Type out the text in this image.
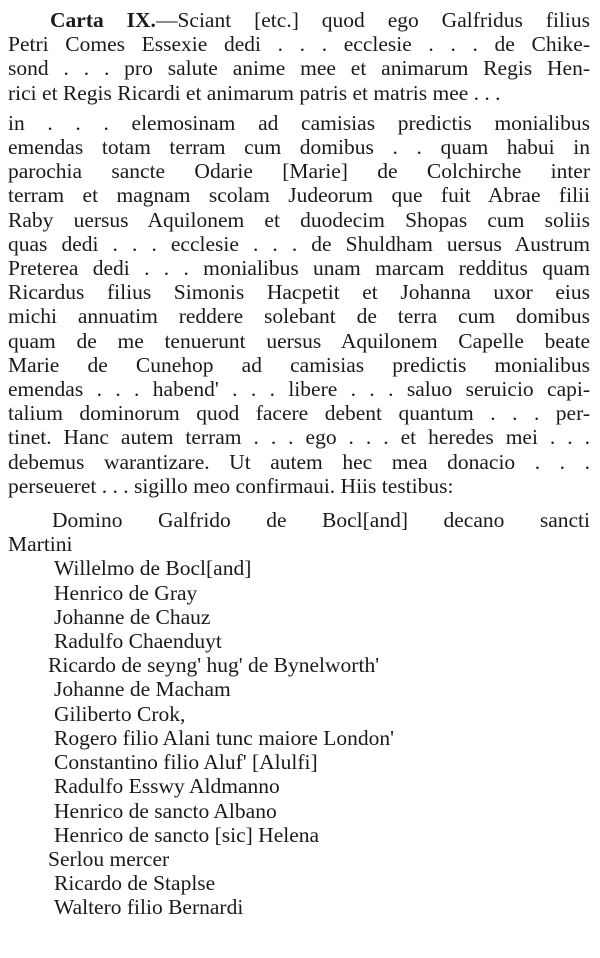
Carta IX.—Sciant [etc.] quod ego Galfridus filius
Petri Comes Essexie dedi . . . ecclesie . . . de Chike-
sond . . . pro salute anime mee et animarum Regis Hen-
rici et Regis Ricardi et animarum patris et matris mee . . .
in . . . elemosinam ad camisias predictis monialibus
emendas totam terram cum domibus . . quam habui in
parochia sancte Odarie [Marie] de Colchirche inter
terram et magnam scolam Judeorum que fuit Abrae filii
Raby uersus Aquilonem et duodecim Shopas cum soliis
quas dedi . . . ecclesie . . . de Shuldham uersus Austrum
Preterea dedi . . . monialibus unam marcam redditus quam
Ricardus filius Simonis Hacpetit et Johanna uxor eius
michi annuatim reddere solebant de terra cum domibus
quam de me tenuerunt uersus Aquilonem Capelle beate
Marie de Cunehop ad camisias predictis monialibus
emendas . . . habend' . . . libere . . . saluo seruicio capi-
talium dominorum quod facere debent quantum . . . per-
tinet. Hanc autem terram . . . ego . . . et heredes mei . . .
debemus warantizare. Ut autem hec mea donacio . . .
perseueret . . . sigillo meo confirmaui. Hiis testibus:
Domino Galfrido de Bocl[and] decano sancti
Martini
Willelmo de Bocl[and]
Henrico de Gray
Johanne de Chauz
Radulfo Chaenduyt
Ricardo de seyng' hug' de Bynelworth'
Johanne de Macham
Giliberto Crok,
Rogero filio Alani tunc maiore London'
Constantino filio Aluf' [Alulfi]
Radulfo Esswy Aldmanno
Henrico de sancto Albano
Henrico de sancto [sic] Helena
Serlou mercer
Ricardo de Staplse
Waltero filio Bernardi
